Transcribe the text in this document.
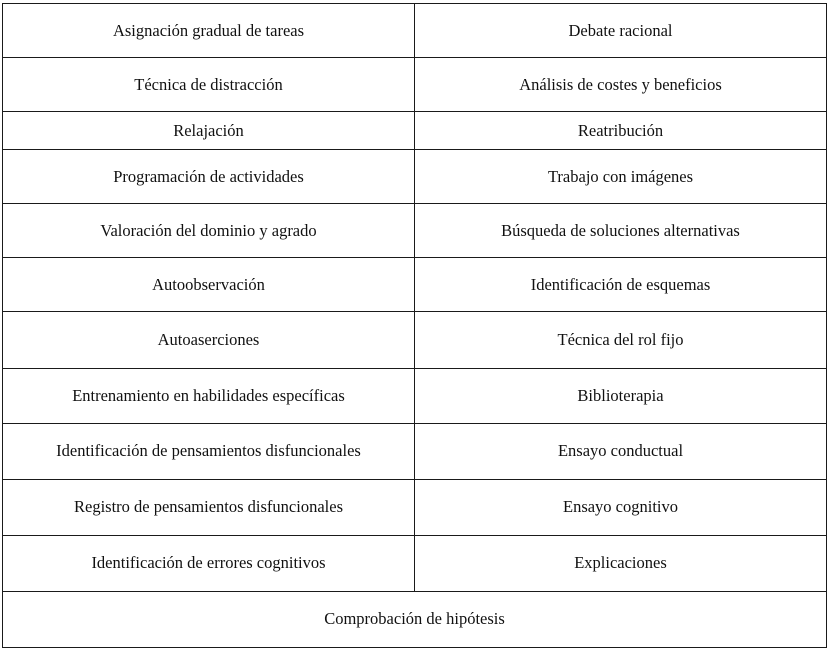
Asignación gradual de tareas	Debate racional
Técnica de distracción	Análisis de costes y beneficios
Relajación	Reatribución
Programación de actividades	Trabajo con imágenes
Valoración del dominio y agrado	Búsqueda de soluciones alternativas
Autoobservación	Identificación de esquemas
Autoaserciones	Técnica del rol fijo
Entrenamiento en habilidades específicas	Biblioterapia
Identificación de pensamientos disfuncionales	Ensayo conductual
Registro de pensamientos disfuncionales	Ensayo cognitivo
Identificación de errores cognitivos	Explicaciones
Comprobación de hipótesis	
